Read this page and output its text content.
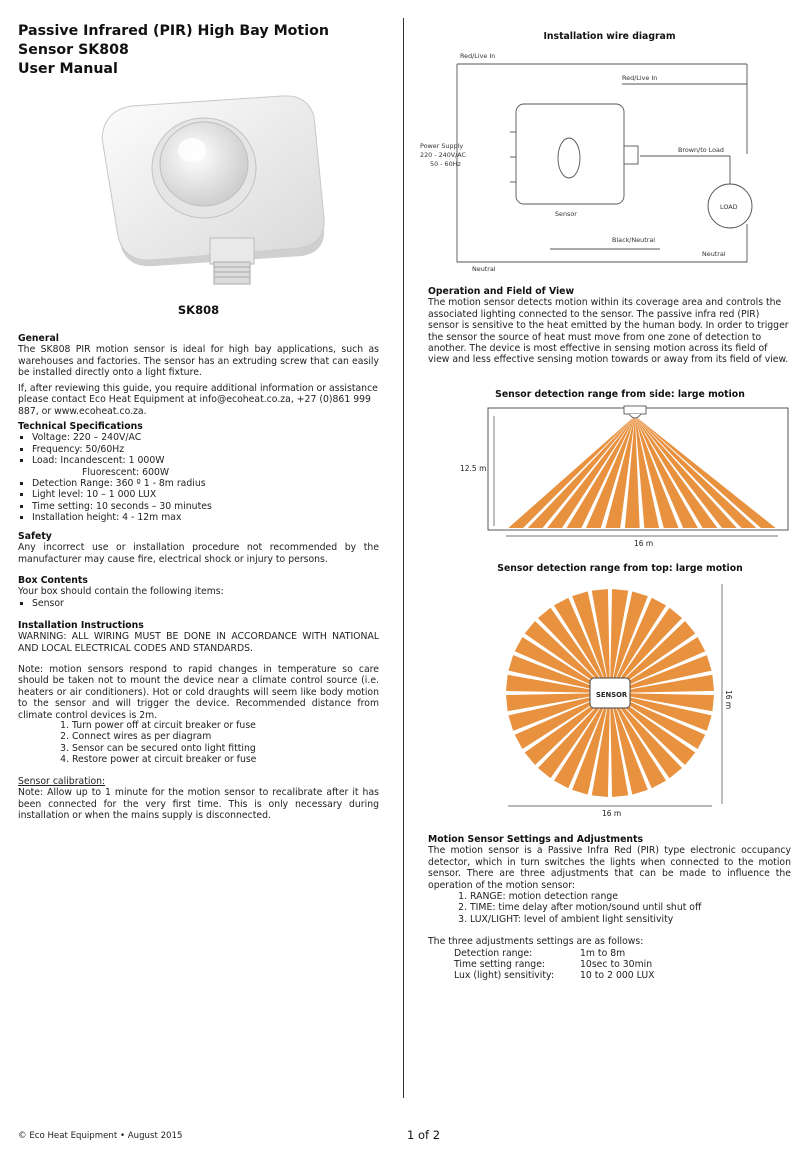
Passive Infrared (PIR) High Bay Motion Sensor SK808
User Manual
SK808
General
The SK808 PIR motion sensor is ideal for high bay applications, such as warehouses and factories. The sensor has an extruding screw that can easily be installed directly onto a light fixture.
If, after reviewing this guide, you require additional information or assistance please contact Eco Heat Equipment at info@ecoheat.co.za, +27 (0)861 999 887, or www.ecoheat.co.za.
Technical Specifications
▪ Voltage: 220 – 240V/AC
▪ Frequency: 50/60Hz
▪ Load: Incandescent: 1 000W
Fluorescent: 600W
▪ Detection Range: 360 º 1 - 8m radius
▪ Light level: 10 – 1 000 LUX
▪ Time setting: 10 seconds – 30 minutes
▪ Installation height: 4 - 12m max
Safety
Any incorrect use or installation procedure not recommended by the manufacturer may cause fire, electrical shock or injury to persons.
Box Contents
Your box should contain the following items:
▪ Sensor
Installation Instructions
WARNING: ALL WIRING MUST BE DONE IN ACCORDANCE WITH NATIONAL AND LOCAL ELECTRICAL CODES AND STANDARDS.
Note: motion sensors respond to rapid changes in temperature so care should be taken not to mount the device near a climate control source (i.e. heaters or air conditioners). Hot or cold draughts will seem like body motion to the sensor and will trigger the device. Recommended distance from climate control devices is 2m.
1. Turn power off at circuit breaker or fuse
2. Connect wires as per diagram
3. Sensor can be secured onto light fitting
4. Restore power at circuit breaker or fuse
Sensor calibration:
Note: Allow up to 1 minute for the motion sensor to recalibrate after it has been connected for the very first time. This is only necessary during installation or when the mains supply is disconnected.
Installation wire diagram
Red/Live In
Red/Live In
Power Supply
220 - 240V/AC
50 - 60Hz
Sensor
Brown/to Load
LOAD
Black/Neutral
Neutral
Neutral
Operation and Field of View
The motion sensor detects motion within its coverage area and controls the associated lighting connected to the sensor. The passive infra red (PIR) sensor is sensitive to the heat emitted by the human body. In order to trigger the sensor the source of heat must move from one zone of detection to another. The device is most effective in sensing motion across its field of view and less effective sensing motion towards or away from its field of view.
Sensor detection range from side: large motion
12.5 m
16 m
Sensor detection range from top: large motion
SENSOR	16 m
16 m
Motion Sensor Settings and Adjustments
The motion sensor is a Passive Infra Red (PIR) type electronic occupancy detector, which in turn switches the lights when connected to the motion sensor. There are three adjustments that can be made to influence the operation of the motion sensor:
1. RANGE: motion detection range
2. TIME: time delay after motion/sound until shut off
3. LUX/LIGHT: level of ambient light sensitivity
The three adjustments settings are as follows:
Detection range:	1m to 8m
Time setting range:	10sec to 30min
Lux (light) sensitivity:	10 to 2 000 LUX
© Eco Heat Equipment • August 2015	1 of 2
